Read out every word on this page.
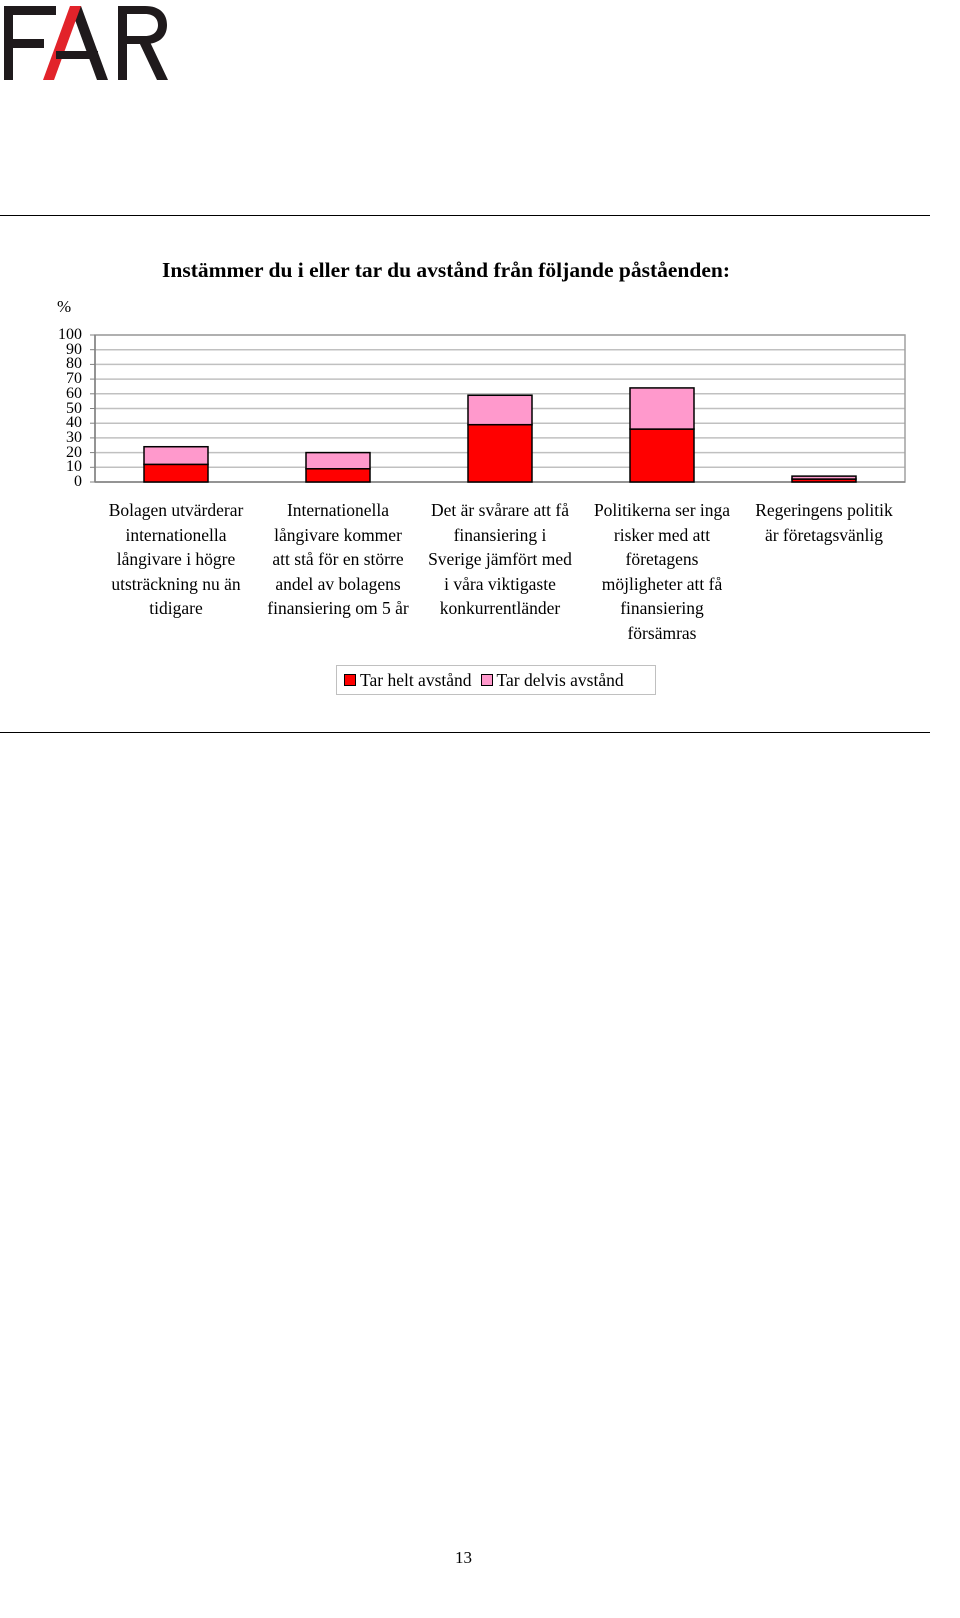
Instämmer du i eller tar du avstånd från följande påståenden:
%
100
90
80
70
60
50
40
30
20
10
0
Bolagen utvärderar
internationella
långivare i högre
utsträckning nu än
tidigare
Internationella
långivare kommer
att stå för en större
andel av bolagens
finansiering om 5 år
Det är svårare att få
finansiering i
Sverige jämfört med
i våra viktigaste
konkurrentländer
Politikerna ser inga
risker med att
företagens
möjligheter att få
finansiering
försämras
Regeringens politik
är företagsvänlig
Tar helt avstånd Tar delvis avstånd
13
